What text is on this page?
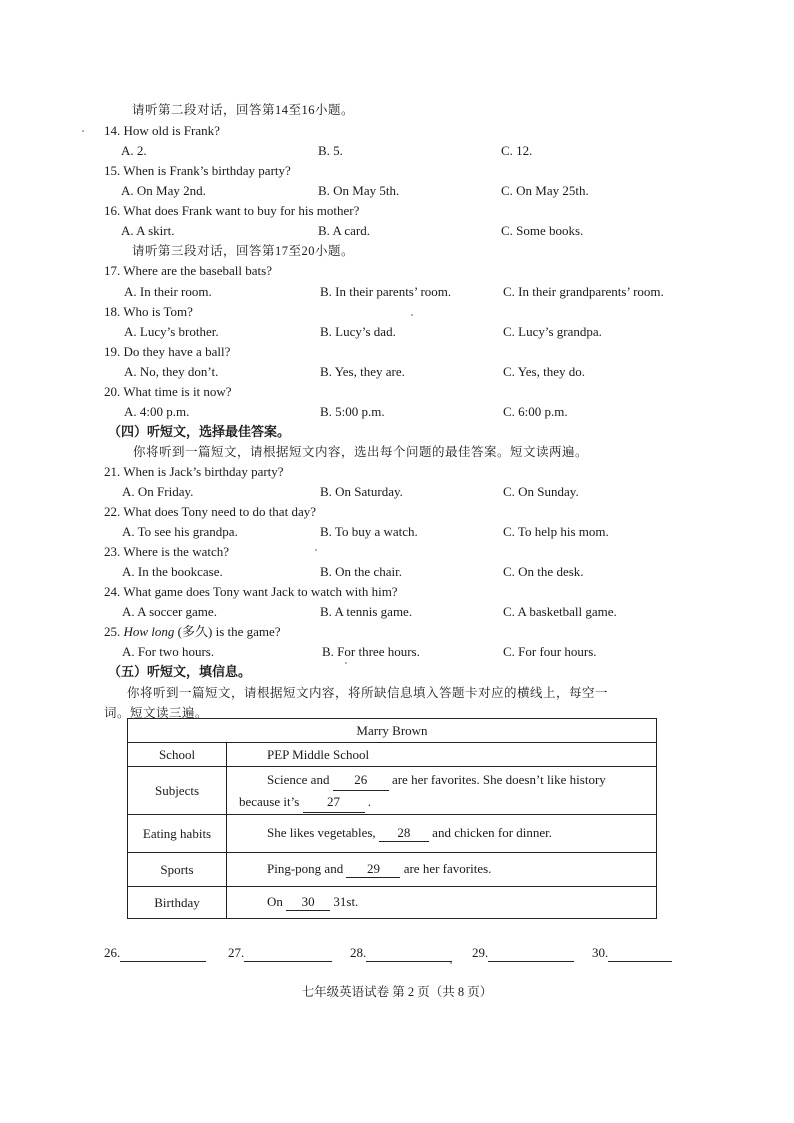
请听第二段对话，回答第14至16小题。
14. How old is Frank?
A. 2.	B. 5.	C. 12.
15. When is Frank’s birthday party?
A. On May 2nd.	B. On May 5th.	C. On May 25th.
16. What does Frank want to buy for his mother?
A. A skirt.	B. A card.	C. Some books.
请听第三段对话，回答第17至20小题。
17. Where are the baseball bats?
A. In their room.	B. In their parents’ room.	C. In their grandparents’ room.
18. Who is Tom?
A. Lucy’s brother.	B. Lucy’s dad.	C. Lucy’s grandpa.
19. Do they have a ball?
A. No, they don’t.	B. Yes, they are.	C. Yes, they do.
20. What time is it now?
A. 4:00 p.m.	B. 5:00 p.m.	C. 6:00 p.m.
（四）听短文，选择最佳答案。
你将听到一篇短文，请根据短文内容，选出每个问题的最佳答案。短文读两遍。
21. When is Jack’s birthday party?
A. On Friday.	B. On Saturday.	C. On Sunday.
22. What does Tony need to do that day?
A. To see his grandpa.	B. To buy a watch.	C. To help his mom.
23. Where is the watch?
A. In the bookcase.	B. On the chair.	C. On the desk.
24. What game does Tony want Jack to watch with him?
A. A soccer game.	B. A tennis game.	C. A basketball game.
25. How long (多久) is the game?
A. For two hours.	B. For three hours.	C. For four hours.
（五）听短文，填信息。
你将听到一篇短文，请根据短文内容，将所缺信息填入答题卡对应的横线上，每空一
词。短文读三遍。
Marry Brown	
School	PEP Middle School
Subjects	Science and 26 are her favorites. She doesn’t like history
because it’s 27 .

Eating habits	She likes vegetables, 28 and chicken for dinner.
Sports	Ping-pong and 29 are her favorites.
Birthday	On 30 31st.
26.	27.	28.	29.	30.
七年级英语试卷 第 2 页（共 8 页）
